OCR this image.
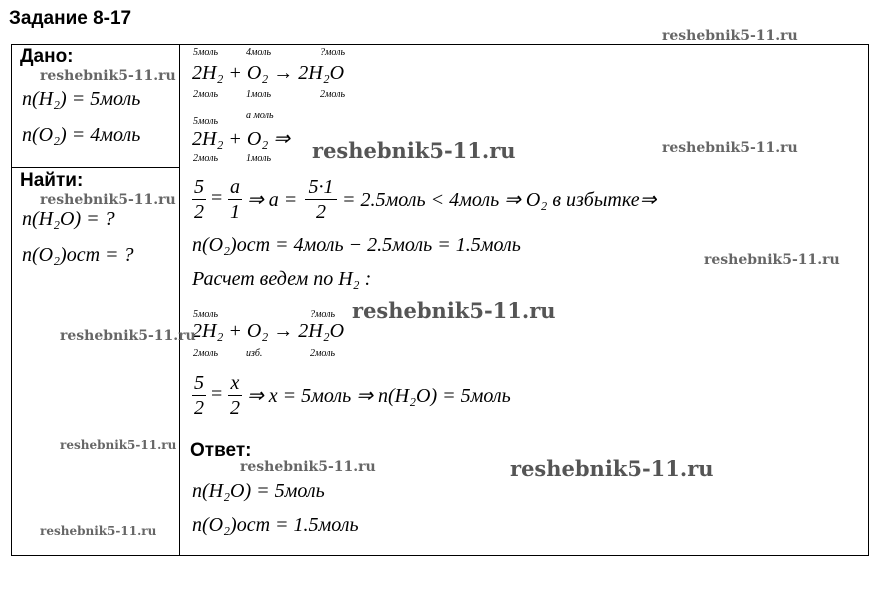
Задание 8-17
Дано:
n(H₂) = 5моль
n(O₂) = 4моль
Найти:
n(H₂O) = ?
n(O₂)ост = ?
5моль	4моль	?моль
2H₂ + O₂ → 2H₂O
2моль	1моль	2моль
а моль
5моль
2H₂ + O₂ ⇒
2моль	1моль
5
2
= a
1
⇒ a =
5·1
2
= 2.5моль < 4моль ⇒ O₂ в избытке⇒
n(O₂)ост = 4моль − 2.5моль = 1.5моль
Расчет ведем по H₂ :
5моль	?моль
2H₂ + O₂ → 2H₂O
2моль	изб.	2моль
5
2
= x
2
⇒ x = 5моль ⇒ n(H₂O) = 5моль
Ответ:
n(H₂O) = 5моль
n(O₂)ост = 1.5моль
reshebnik5-11.ru
reshebnik5-11.ru
reshebnik5-11.ru	reshebnik5-11.ru
reshebnik5-11.ru
reshebnik5-11.ru
reshebnik5-11.ru
reshebnik5-11.ru
reshebnik5-11.ru
reshebnik5-11.ru	reshebnik5-11.ru
reshebnik5-11.ru
